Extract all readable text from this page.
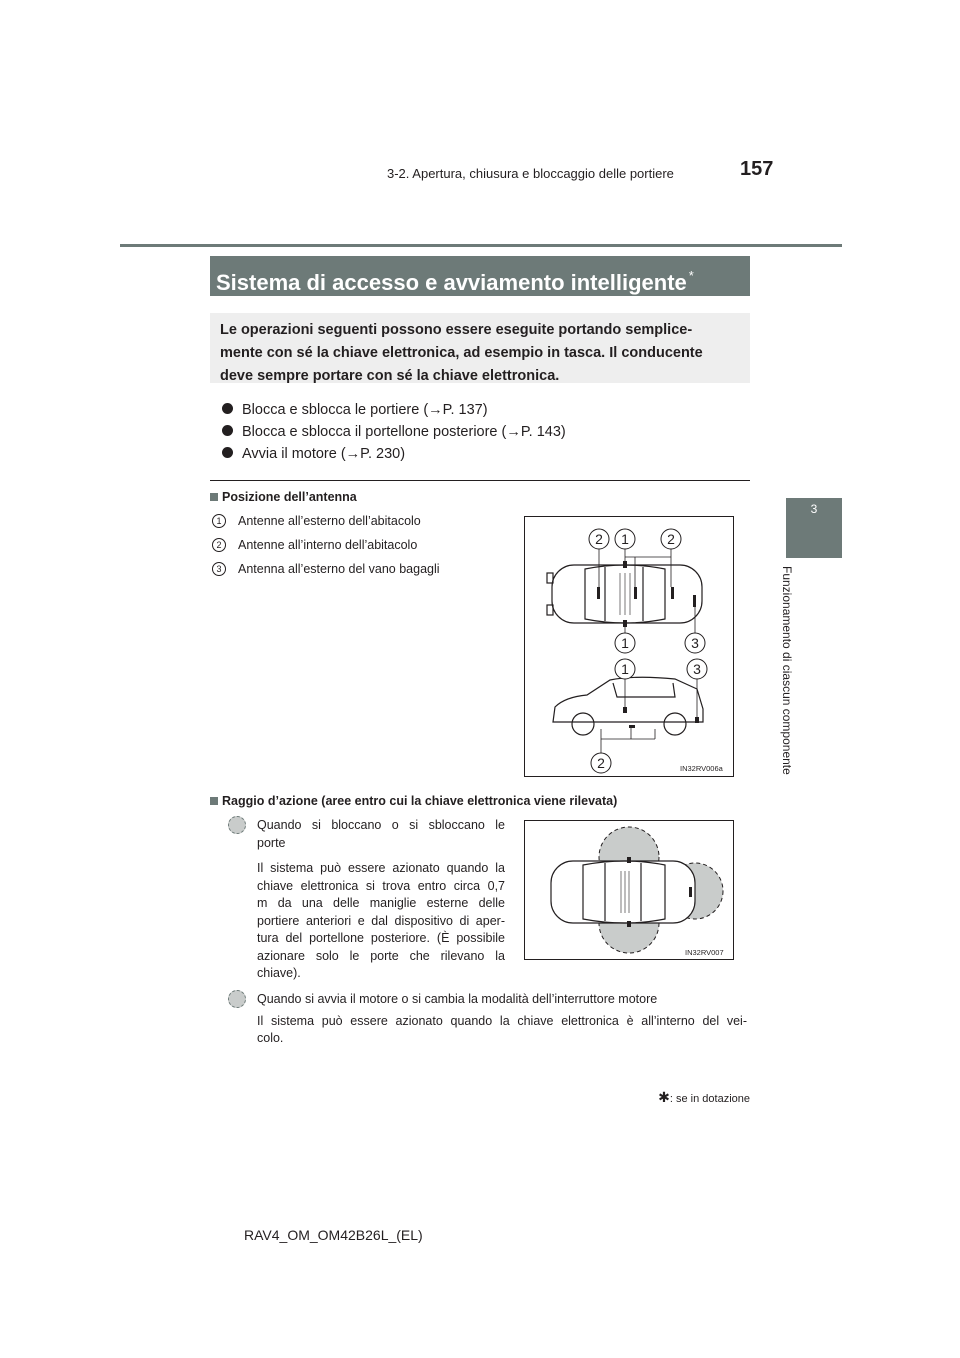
3-2. Apertura, chiusura e bloccaggio delle portiere	157
3
Funzionamento di ciascun componente
Sistema di accesso e avviamento intelligente *
Le operazioni seguenti possono essere eseguite portando semplice-
mente con sé la chiave elettronica, ad esempio in tasca. Il conducente
deve sempre portare con sé la chiave elettronica.
Blocca e sblocca le portiere (→P. 137)
Blocca e sblocca il portellone posteriore (→P. 143)
Avvia il motore (→P. 230)
Posizione dell’antenna
1 Antenne all’esterno dell’abitacolo
2 Antenne all’interno dell’abitacolo
3 Antenna all’esterno del vano bagagli
2 1	2
1	3
1	3
2	IN32RV006a
Raggio d’azione (aree entro cui la chiave elettronica viene rilevata)
Quando si bloccano o si sbloccano le
porte
Il sistema può essere azionato quando la
chiave elettronica si trova entro circa 0,7
m da una delle maniglie esterne delle
portiere anteriori e dal dispositivo di aper-
tura del portellone posteriore. (È possibile
azionare solo le porte che rilevano la
chiave).
IN32RV007
Quando si avvia il motore o si cambia la modalità dell’interruttore motore
Il sistema può essere azionato quando la chiave elettronica è all’interno del vei-
colo.
✱: se in dotazione
RAV4_OM_OM42B26L_(EL)
